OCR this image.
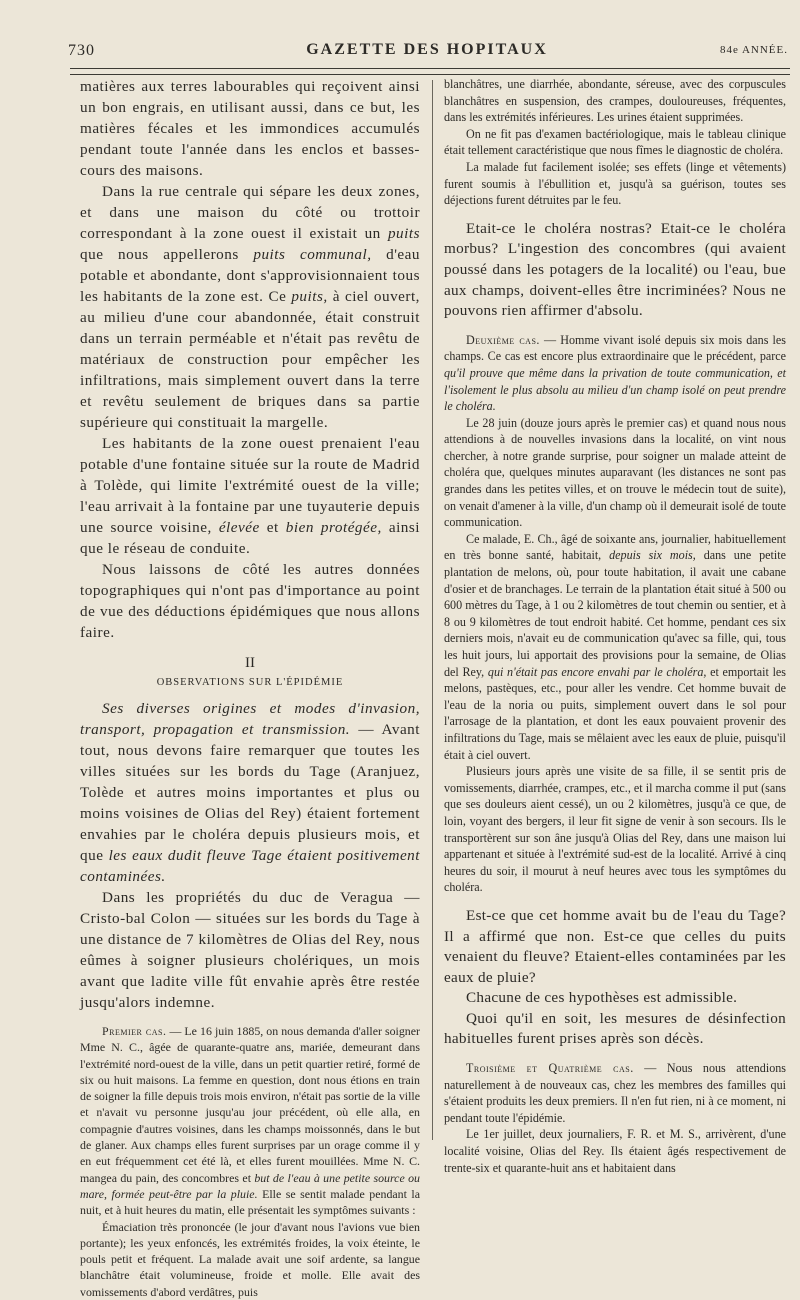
730	GAZETTE DES HOPITAUX	84e ANNÉE.

matières aux terres labourables qui reçoivent ainsi un bon engrais, en utilisant aussi, dans ce but, les matières fécales et les immondices accumulés pendant toute l'année dans les enclos et basses-cours des maisons.

Dans la rue centrale qui sépare les deux zones, et dans une maison du côté ou trottoir correspondant à la zone ouest il existait un puits que nous appellerons puits communal, d'eau potable et abondante, dont s'approvisionnaient tous les habitants de la zone est. Ce puits, à ciel ouvert, au milieu d'une cour abandonnée, était construit dans un terrain perméable et n'était pas revêtu de matériaux de construction pour empêcher les infiltrations, mais simplement ouvert dans la terre et revêtu seulement de briques dans sa partie supérieure qui constituait la margelle.

Les habitants de la zone ouest prenaient l'eau potable d'une fontaine située sur la route de Madrid à Tolède, qui limite l'extrémité ouest de la ville; l'eau arrivait à la fontaine par une tuyauterie depuis une source voisine, élevée et bien protégée, ainsi que le réseau de conduite.

Nous laissons de côté les autres données topographiques qui n'ont pas d'importance au point de vue des déductions épidémiques que nous allons faire.

II
OBSERVATIONS SUR L'ÉPIDÉMIE

Ses diverses origines et modes d'invasion, transport, propagation et transmission. — Avant tout, nous devons faire remarquer que toutes les villes situées sur les bords du Tage (Aranjuez, Tolède et autres moins importantes et plus ou moins voisines de Olias del Rey) étaient fortement envahies par le choléra depuis plusieurs mois, et que les eaux dudit fleuve Tage étaient positivement contaminées.

Dans les propriétés du duc de Veragua — Cristo-bal Colon — situées sur les bords du Tage à une distance de 7 kilomètres de Olias del Rey, nous eûmes à soigner plusieurs cholériques, un mois avant que ladite ville fût envahie après être restée jusqu'alors indemne.

Premier cas. — Le 16 juin 1885, on nous demanda d'aller soigner Mme N. C., âgée de quarante-quatre ans, mariée, demeurant dans l'extrémité nord-ouest de la ville, dans un petit quartier retiré, formé de six ou huit maisons. La femme en question, dont nous étions en train de soigner la fille depuis trois mois environ, n'était pas sortie de la ville et n'avait vu personne jusqu'au jour précédent, où elle alla, en compagnie d'autres voisines, dans les champs moissonnés, dans le but de glaner. Aux champs elles furent surprises par un orage comme il y en eut fréquemment cet été là, et elles furent mouillées. Mme N. C. mangea du pain, des concombres et but de l'eau à une petite source ou mare, formée peut-être par la pluie. Elle se sentit malade pendant la nuit, et à huit heures du matin, elle présentait les symptômes suivants :

Émaciation très prononcée (le jour d'avant nous l'avions vue bien portante); les yeux enfoncés, les extrémités froides, la voix éteinte, le pouls petit et fréquent. La malade avait une soif ardente, sa langue blanchâtre était volumineuse, froide et molle. Elle avait des vomissements d'abord verdâtres, puis

blanchâtres, une diarrhée, abondante, séreuse, avec des corpuscules blanchâtres en suspension, des crampes, douloureuses, fréquentes, dans les extrémités inférieures. Les urines étaient supprimées.

On ne fit pas d'examen bactériologique, mais le tableau clinique était tellement caractéristique que nous fîmes le diagnostic de choléra.

La malade fut facilement isolée; ses effets (linge et vêtements) furent soumis à l'ébullition et, jusqu'à sa guérison, toutes ses déjections furent détruites par le feu.

Etait-ce le choléra nostras? Etait-ce le choléra morbus? L'ingestion des concombres (qui avaient poussé dans les potagers de la localité) ou l'eau, bue aux champs, doivent-elles être incriminées? Nous ne pouvons rien affirmer d'absolu.

Deuxième cas. — Homme vivant isolé depuis six mois dans les champs. Ce cas est encore plus extraordinaire que le précédent, parce qu'il prouve que même dans la privation de toute communication, et l'isolement le plus absolu au milieu d'un champ isolé on peut prendre le choléra.

Le 28 juin (douze jours après le premier cas) et quand nous nous attendions à de nouvelles invasions dans la localité, on vint nous chercher, à notre grande surprise, pour soigner un malade atteint de choléra que, quelques minutes auparavant (les distances ne sont pas grandes dans les petites villes, et on trouve le médecin tout de suite), on venait d'amener à la ville, d'un champ où il demeurait isolé de toute communication.

Ce malade, E. Ch., âgé de soixante ans, journalier, habituellement en très bonne santé, habitait, depuis six mois, dans une petite plantation de melons, où, pour toute habitation, il avait une cabane d'osier et de branchages. Le terrain de la plantation était situé à 500 ou 600 mètres du Tage, à 1 ou 2 kilomètres de tout chemin ou sentier, et à 8 ou 9 kilomètres de tout endroit habité. Cet homme, pendant ces six derniers mois, n'avait eu de communication qu'avec sa fille, qui, tous les huit jours, lui apportait des provisions pour la semaine, de Olias del Rey, qui n'était pas encore envahi par le choléra, et emportait les melons, pastèques, etc., pour aller les vendre. Cet homme buvait de l'eau de la noria ou puits, simplement ouvert dans le sol pour l'arrosage de la plantation, et dont les eaux pouvaient provenir des infiltrations du Tage, mais se mêlaient avec les eaux de pluie, puisqu'il était à ciel ouvert.

Plusieurs jours après une visite de sa fille, il se sentit pris de vomissements, diarrhée, crampes, etc., et il marcha comme il put (sans que ses douleurs aient cessé), un ou 2 kilomètres, jusqu'à ce que, de loin, voyant des bergers, il leur fit signe de venir à son secours. Ils le transportèrent sur son âne jusqu'à Olias del Rey, dans une maison lui appartenant et située à l'extrémité sud-est de la localité. Arrivé à cinq heures du soir, il mourut à neuf heures avec tous les symptômes du choléra.

Est-ce que cet homme avait bu de l'eau du Tage? Il a affirmé que non. Est-ce que celles du puits venaient du fleuve? Etaient-elles contaminées par les eaux de pluie?

Chacune de ces hypothèses est admissible.

Quoi qu'il en soit, les mesures de désinfection habituelles furent prises après son décès.

Troisième et Quatrième cas. — Nous nous attendions naturellement à de nouveaux cas, chez les membres des familles qui s'étaient produits les deux premiers. Il n'en fut rien, ni à ce moment, ni pendant toute l'épidémie.

Le 1er juillet, deux journaliers, F. R. et M. S., arrivèrent, d'une localité voisine, Olias del Rey. Ils étaient âgés respectivement de trente-six et quarante-huit ans et habitaient dans
